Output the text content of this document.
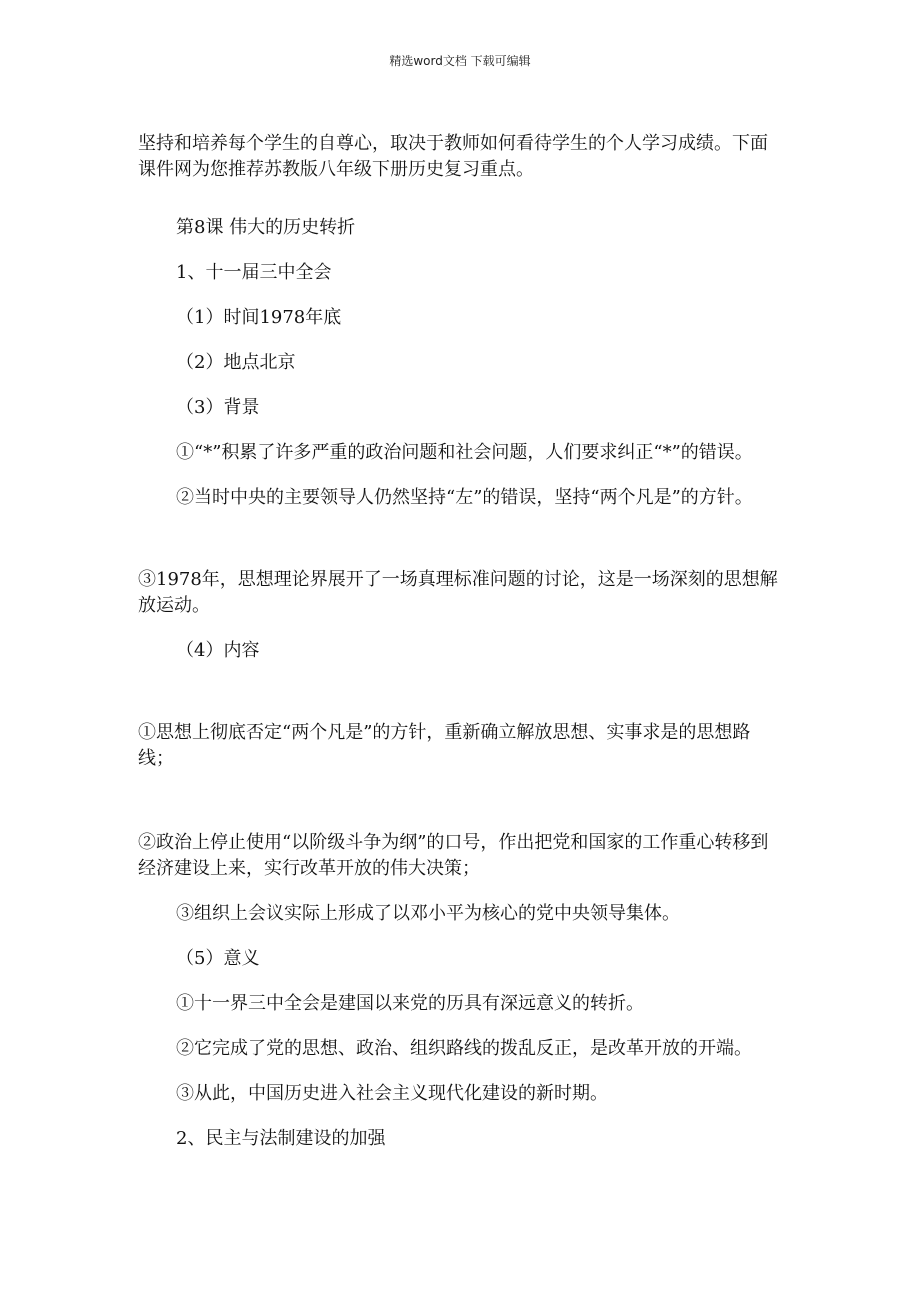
精选word文档 下载可编辑

坚持和培养每个学生的自尊心，取决于教师如何看待学生的个人学习成绩。下面课件网为您推荐苏教版八年级下册历史复习重点。

第8课 伟大的历史转折

1、十一届三中全会

（1）时间1978年底

（2）地点北京

（3）背景

①“*”积累了许多严重的政治问题和社会问题，人们要求纠正“*”的错误。

②当时中央的主要领导人仍然坚持“左”的错误，坚持“两个凡是”的方针。

③1978年，思想理论界展开了一场真理标准问题的讨论，这是一场深刻的思想解放运动。

（4）内容

①思想上彻底否定“两个凡是”的方针，重新确立解放思想、实事求是的思想路线；

②政治上停止使用“以阶级斗争为纲”的口号，作出把党和国家的工作重心转移到经济建设上来，实行改革开放的伟大决策；

③组织上会议实际上形成了以邓小平为核心的党中央领导集体。

（5）意义

①十一界三中全会是建国以来党的历具有深远意义的转折。

②它完成了党的思想、政治、组织路线的拨乱反正，是改革开放的开端。

③从此，中国历史进入社会主义现代化建设的新时期。

2、民主与法制建设的加强
